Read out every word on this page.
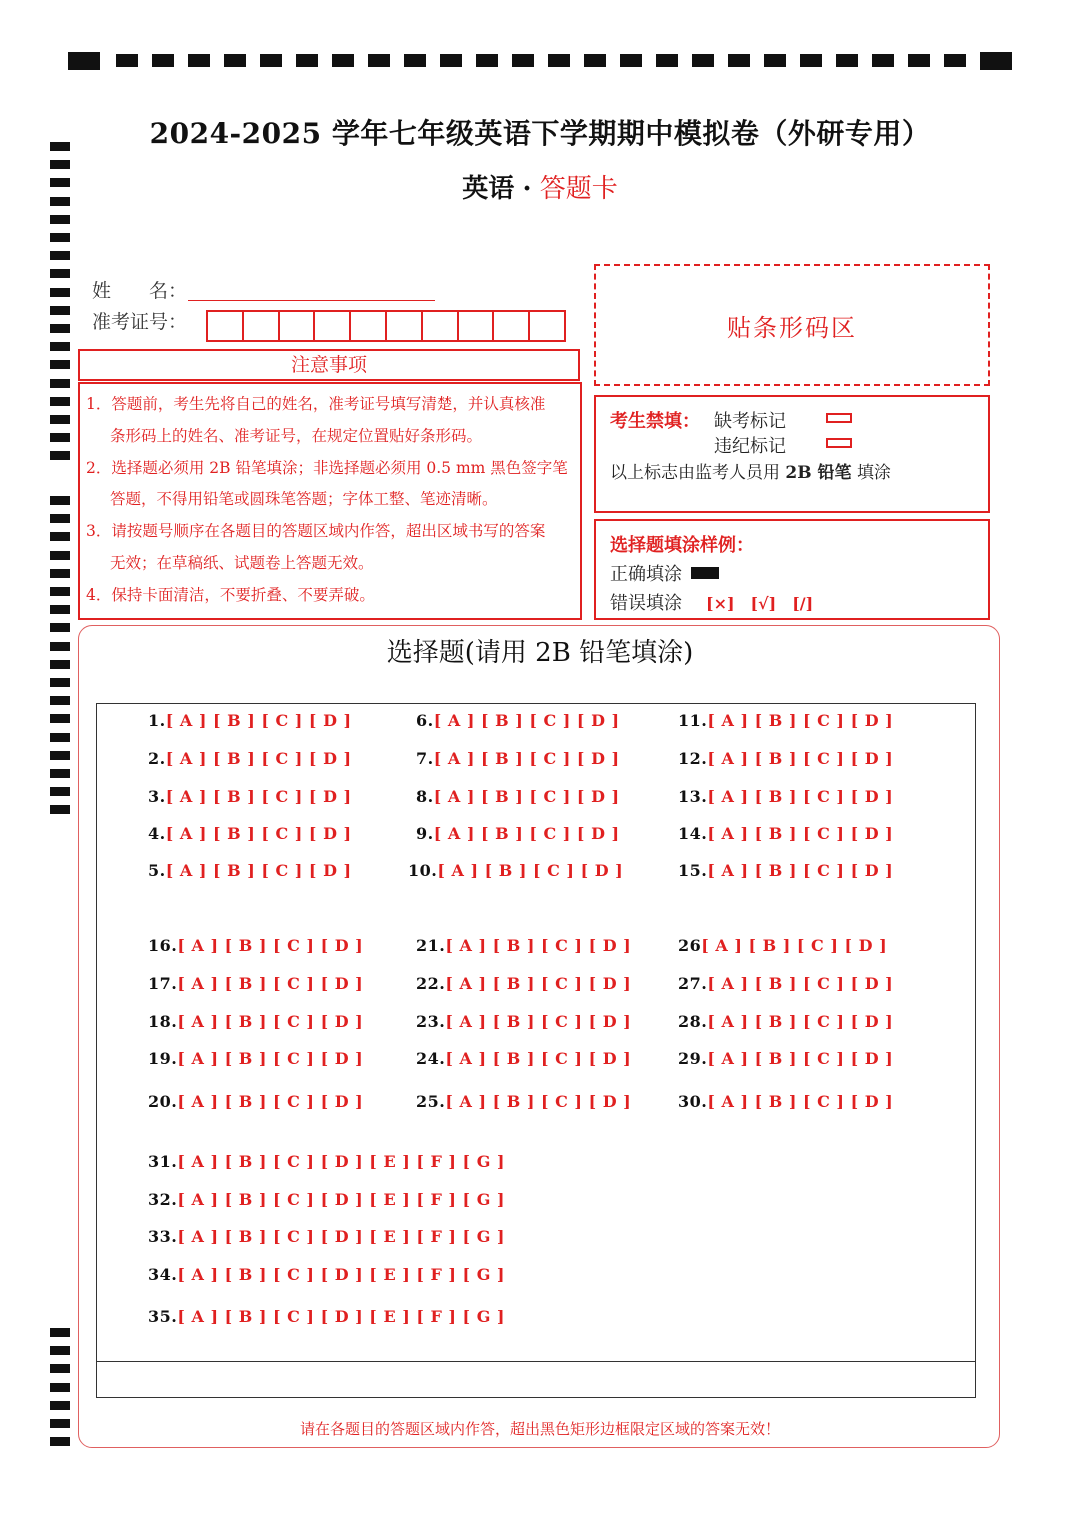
2024-2025 学年七年级英语下学期期中模拟卷（外研专用）
英语 · 答题卡
姓　　名：
准考证号：	贴条形码区
注意事项
1．答题前，考生先将自己的姓名，准考证号填写清楚，并认真核准
条形码上的姓名、准考证号，在规定位置贴好条形码。
2．选择题必须用 2B 铅笔填涂；非选择题必须用 0.5 mm 黑色签字笔
答题，不得用铅笔或圆珠笔答题；字体工整、笔迹清晰。
3．请按题号顺序在各题目的答题区域内作答，超出区域书写的答案
无效；在草稿纸、试题卷上答题无效。
4．保持卡面清洁，不要折叠、不要弄破。
考生禁填： 缺考标记
违纪标记
以上标志由监考人员用 2B 铅笔 填涂
选择题填涂样例：
正确填涂
错误填涂 [×]　[√]　[/]
选择题(请用 2B 铅笔填涂)
1.[ A ] [ B ] [ C ] [ D ]
2.[ A ] [ B ] [ C ] [ D ]
3.[ A ] [ B ] [ C ] [ D ]
4.[ A ] [ B ] [ C ] [ D ]
5.[ A ] [ B ] [ C ] [ D ]
6.[ A ] [ B ] [ C ] [ D ]
7.[ A ] [ B ] [ C ] [ D ]
8.[ A ] [ B ] [ C ] [ D ]
9.[ A ] [ B ] [ C ] [ D ]
10.[ A ] [ B ] [ C ] [ D ]
11.[ A ] [ B ] [ C ] [ D ]
12.[ A ] [ B ] [ C ] [ D ]
13.[ A ] [ B ] [ C ] [ D ]
14.[ A ] [ B ] [ C ] [ D ]
15.[ A ] [ B ] [ C ] [ D ]
16.[ A ] [ B ] [ C ] [ D ]
17.[ A ] [ B ] [ C ] [ D ]
18.[ A ] [ B ] [ C ] [ D ]
19.[ A ] [ B ] [ C ] [ D ]
20.[ A ] [ B ] [ C ] [ D ]
21.[ A ] [ B ] [ C ] [ D ]
22.[ A ] [ B ] [ C ] [ D ]
23.[ A ] [ B ] [ C ] [ D ]
24.[ A ] [ B ] [ C ] [ D ]
25.[ A ] [ B ] [ C ] [ D ]
26[ A ] [ B ] [ C ] [ D ]
27.[ A ] [ B ] [ C ] [ D ]
28.[ A ] [ B ] [ C ] [ D ]
29.[ A ] [ B ] [ C ] [ D ]
30.[ A ] [ B ] [ C ] [ D ]
31.[ A ] [ B ] [ C ] [ D ] [ E ] [ F ] [ G ]
32.[ A ] [ B ] [ C ] [ D ] [ E ] [ F ] [ G ]
33.[ A ] [ B ] [ C ] [ D ] [ E ] [ F ] [ G ]
34.[ A ] [ B ] [ C ] [ D ] [ E ] [ F ] [ G ]
35.[ A ] [ B ] [ C ] [ D ] [ E ] [ F ] [ G ]
请在各题目的答题区域内作答，超出黑色矩形边框限定区域的答案无效！
